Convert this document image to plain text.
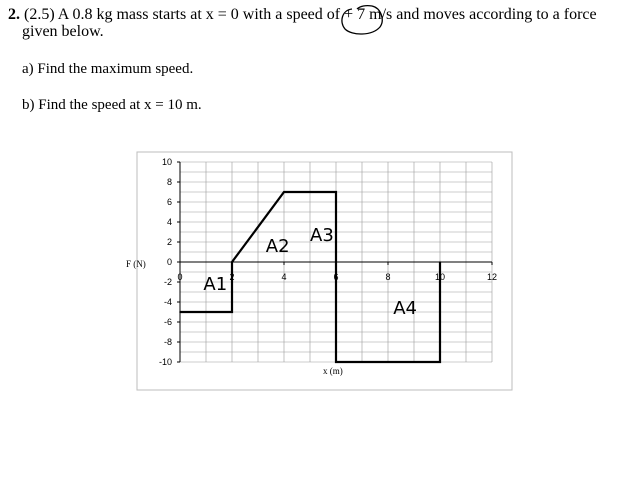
2. (2.5) A 0.8 kg mass starts at x = 0 with a speed of + 7 m/s and moves according to a force
given below.
a) Find the maximum speed.
b) Find the speed at x = 10 m.
10
8
6
4
2
0
-2
-4
-6
-8
-10
0	2	4	6	8	10	12
F (N)
x (m)
A1
A2
A3
A4
